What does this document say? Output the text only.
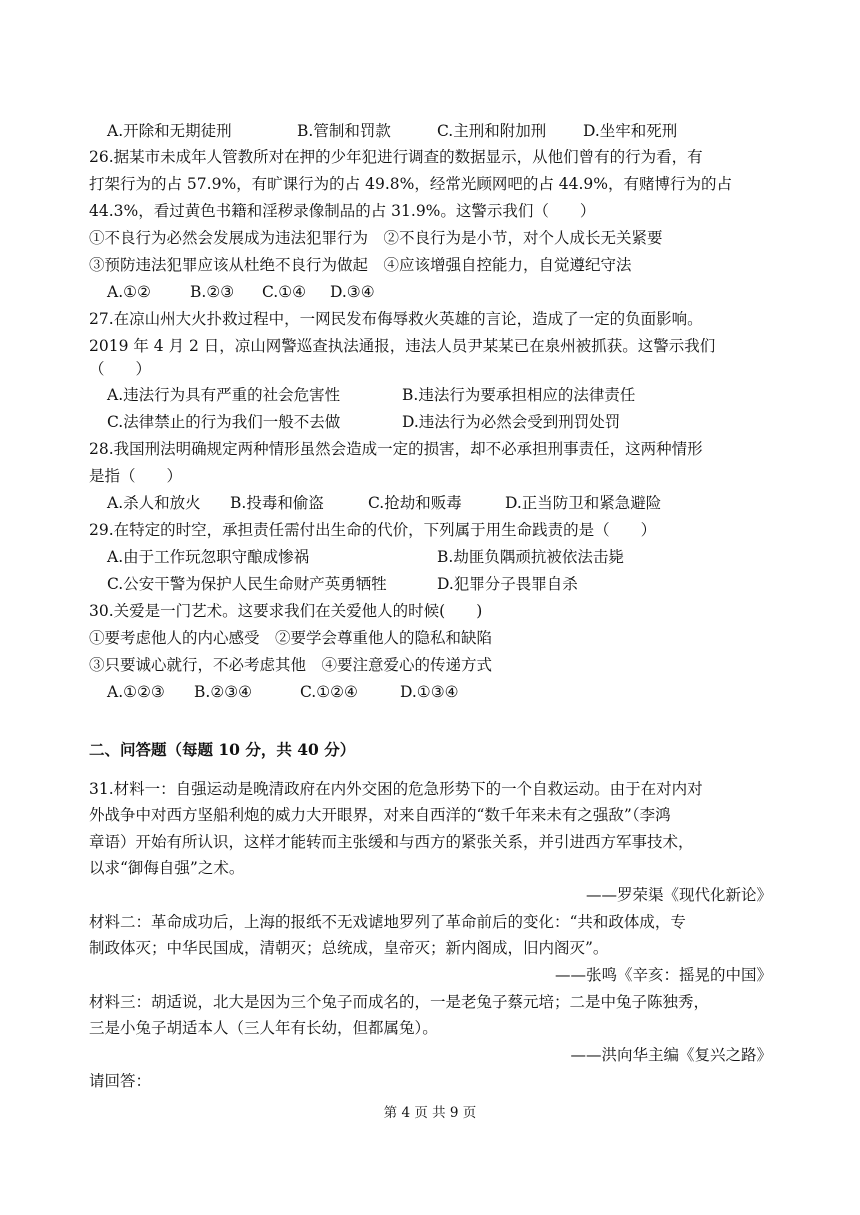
A.开除和无期徒刑	B.管制和罚款	C.主刑和附加刑 D.坐牢和死刑
26.据某市未成年人管教所对在押的少年犯进行调查的数据显示，从他们曾有的行为看，有
打架行为的占 57.9%，有旷课行为的占 49.8%，经常光顾网吧的占 44.9%，有赌博行为的占
44.3%，看过黄色书籍和淫秽录像制品的占 31.9%。这警示我们（　　）
①不良行为必然会发展成为违法犯罪行为　②不良行为是小节，对个人成长无关紧要
③预防违法犯罪应该从杜绝不良行为做起　④应该增强自控能力，自觉遵纪守法
A.①②	B.②③ C.①④ D.③④
27.在凉山州大火扑救过程中，一网民发布侮辱救火英雄的言论，造成了一定的负面影响。
2019 年 4 月 2 日，凉山网警巡查执法通报，违法人员尹某某已在泉州被抓获。这警示我们
（　　）
A.违法行为具有严重的社会危害性	B.违法行为要承担相应的法律责任
C.法律禁止的行为我们一般不去做	D.违法行为必然会受到刑罚处罚
28.我国刑法明确规定两种情形虽然会造成一定的损害，却不必承担刑事责任，这两种情形
是指（　　）
A.杀人和放火 B.投毒和偷盗	C.抢劫和贩毒	D.正当防卫和紧急避险
29.在特定的时空，承担责任需付出生命的代价，下列属于用生命践责的是（　　）
A.由于工作玩忽职守酿成惨祸	B.劫匪负隅顽抗被依法击毙
C.公安干警为保护人民生命财产英勇牺牲	D.犯罪分子畏罪自杀
30.关爱是一门艺术。这要求我们在关爱他人的时候(　　)
①要考虑他人的内心感受　②要学会尊重他人的隐私和缺陷
③只要诚心就行，不必考虑其他　④要注意爱心的传递方式
A.①②③ B.②③④	C.①②④	D.①③④
二、问答题（每题 10 分，共 40 分）
31.材料一：自强运动是晚清政府在内外交困的危急形势下的一个自救运动。由于在对内对
外战争中对西方坚船利炮的威力大开眼界，对来自西洋的“数千年来未有之强敌”（李鸿
章语）开始有所认识，这样才能转而主张缓和与西方的紧张关系，并引进西方军事技术，
以求“御侮自强”之术。
——罗荣渠《现代化新论》
材料二：革命成功后，上海的报纸不无戏谑地罗列了革命前后的变化：“共和政体成，专
制政体灭；中华民国成，清朝灭；总统成，皇帝灭；新内阁成，旧内阁灭”。
——张鸣《辛亥：摇晃的中国》
材料三：胡适说，北大是因为三个兔子而成名的，一是老兔子蔡元培；二是中兔子陈独秀，
三是小兔子胡适本人（三人年有长幼，但都属兔）。
——洪向华主编《复兴之路》
请回答：
第 4 页 共 9 页
